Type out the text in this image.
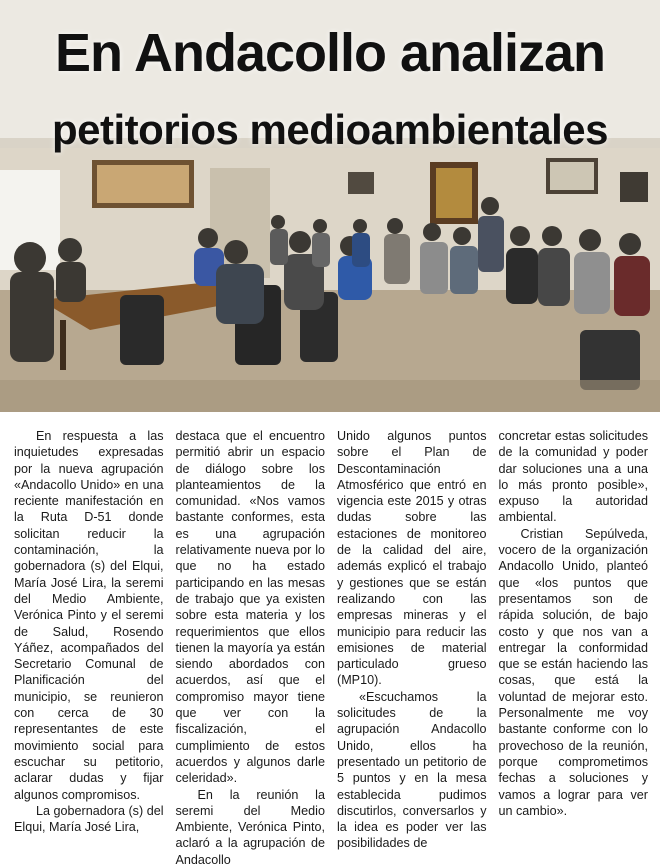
En Andacollo analizan
petitorios medioambientales

En respuesta a las inquietudes expresadas por la nueva agrupación «Andacollo Unido» en una reciente manifestación en la Ruta D-51 donde solicitan reducir la contaminación, la gobernadora (s) del Elqui, María José Lira, la seremi del Medio Ambiente, Verónica Pinto y el seremi de Salud, Rosendo Yáñez, acompañados del Secretario Comunal de Planificación del municipio, se reunieron con cerca de 30 representantes de este movimiento social para escuchar su petitorio, aclarar dudas y fijar algunos compromisos.

La gobernadora (s) del Elqui, María José Lira,

destaca que el encuentro permitió abrir un espacio de diálogo sobre los planteamientos de la comunidad. «Nos vamos bastante conformes, esta es una agrupación relativamente nueva por lo que no ha estado participando en las mesas de trabajo que ya existen sobre esta materia y los requerimientos que ellos tienen la mayoría ya están siendo abordados con acuerdos, así que el compromiso mayor tiene que ver con la fiscalización, el cumplimiento de estos acuerdos y algunos darle celeridad».

En la reunión la seremi del Medio Ambiente, Verónica Pinto, aclaró a la agrupación de Andacollo

Unido algunos puntos sobre el Plan de Descontaminación Atmosférico que entró en vigencia este 2015 y otras dudas sobre las estaciones de monitoreo de la calidad del aire, además explicó el trabajo y gestiones que se están realizando con las empresas mineras y el municipio para reducir las emisiones de material particulado grueso (MP10).

«Escuchamos la solicitudes de la agrupación Andacollo Unido, ellos ha presentado un petitorio de 5 puntos y en la mesa establecida pudimos discutirlos, conversarlos y la idea es poder ver las posibilidades de

concretar estas solicitudes de la comunidad y poder dar soluciones una a una lo más pronto posible», expuso la autoridad ambiental.

Cristian Sepúlveda, vocero de la organización Andacollo Unido, planteó que «los puntos que presentamos son de rápida solución, de bajo costo y que nos van a entregar la conformidad que se están haciendo las cosas, que está la voluntad de mejorar esto. Personalmente me voy bastante conforme con lo provechoso de la reunión, porque comprometimos fechas a soluciones y vamos a lograr para ver un cambio».
